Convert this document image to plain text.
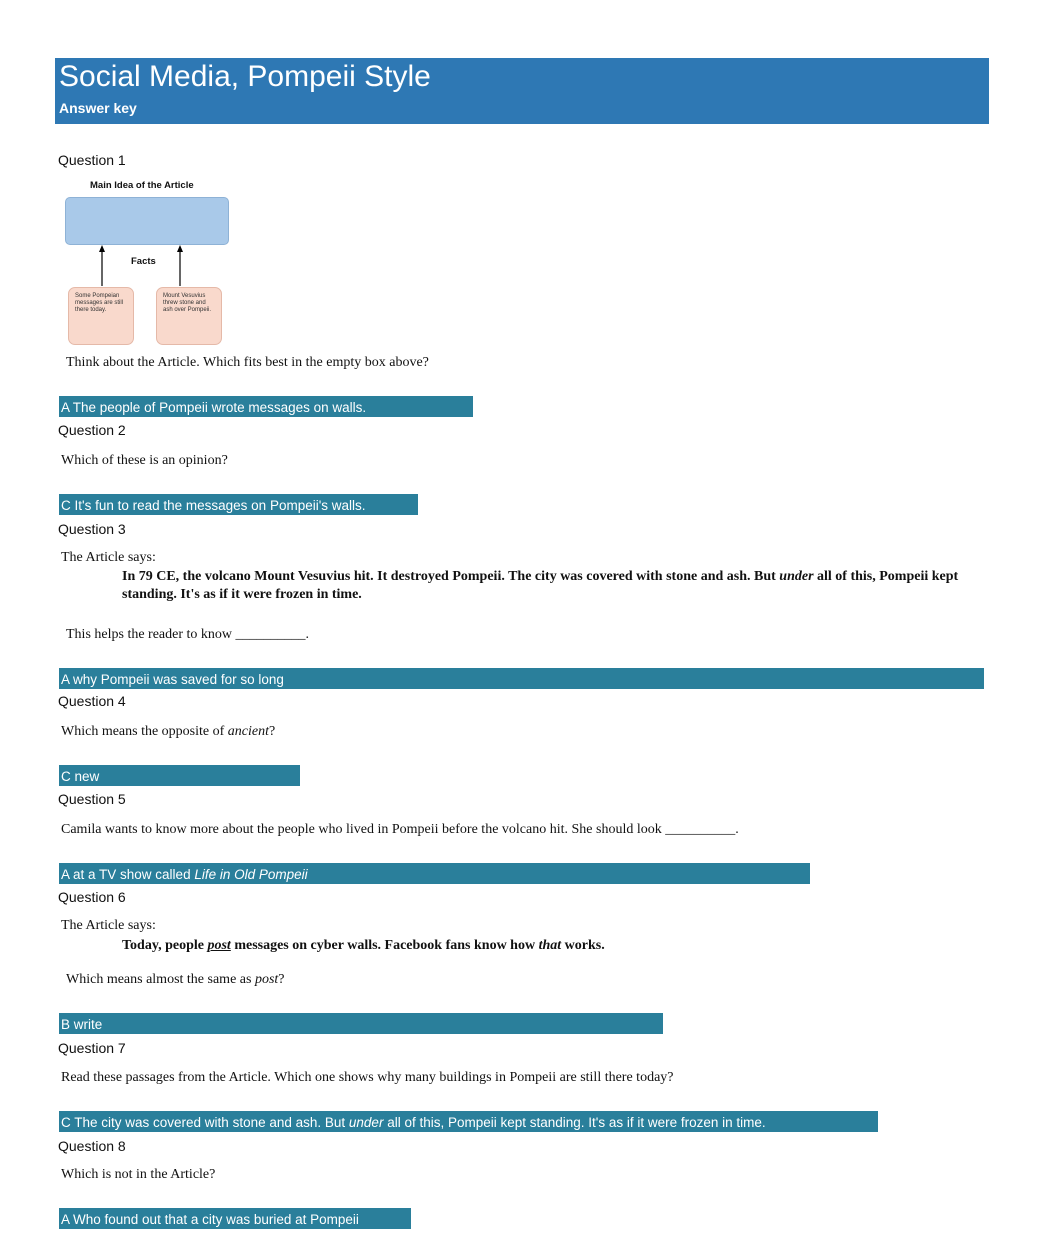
Social Media, Pompeii Style
Answer key
Question 1
Main Idea of the Article
Facts
Some Pompeian messages are still there today.
Mount Vesuvius threw stone and ash over Pompeii.
Think about the Article. Which fits best in the empty box above?
A The people of Pompeii wrote messages on walls.
Question 2
Which of these is an opinion?
C It's fun to read the messages on Pompeii's walls.
Question 3
The Article says:
In 79 CE, the volcano Mount Vesuvius hit. It destroyed Pompeii. The city was covered with stone and ash. But under all of this, Pompeii kept standing. It's as if it were frozen in time.
This helps the reader to know __________.
A why Pompeii was saved for so long
Question 4
Which means the opposite of ancient?
C new
Question 5
Camila wants to know more about the people who lived in Pompeii before the volcano hit. She should look __________.
A at a TV show called Life in Old Pompeii
Question 6
The Article says:
Today, people post messages on cyber walls. Facebook fans know how that works.
Which means almost the same as post?
B write
Question 7
Read these passages from the Article. Which one shows why many buildings in Pompeii are still there today?
C The city was covered with stone and ash. But under all of this, Pompeii kept standing. It's as if it were frozen in time.
Question 8
Which is not in the Article?
A Who found out that a city was buried at Pompeii
